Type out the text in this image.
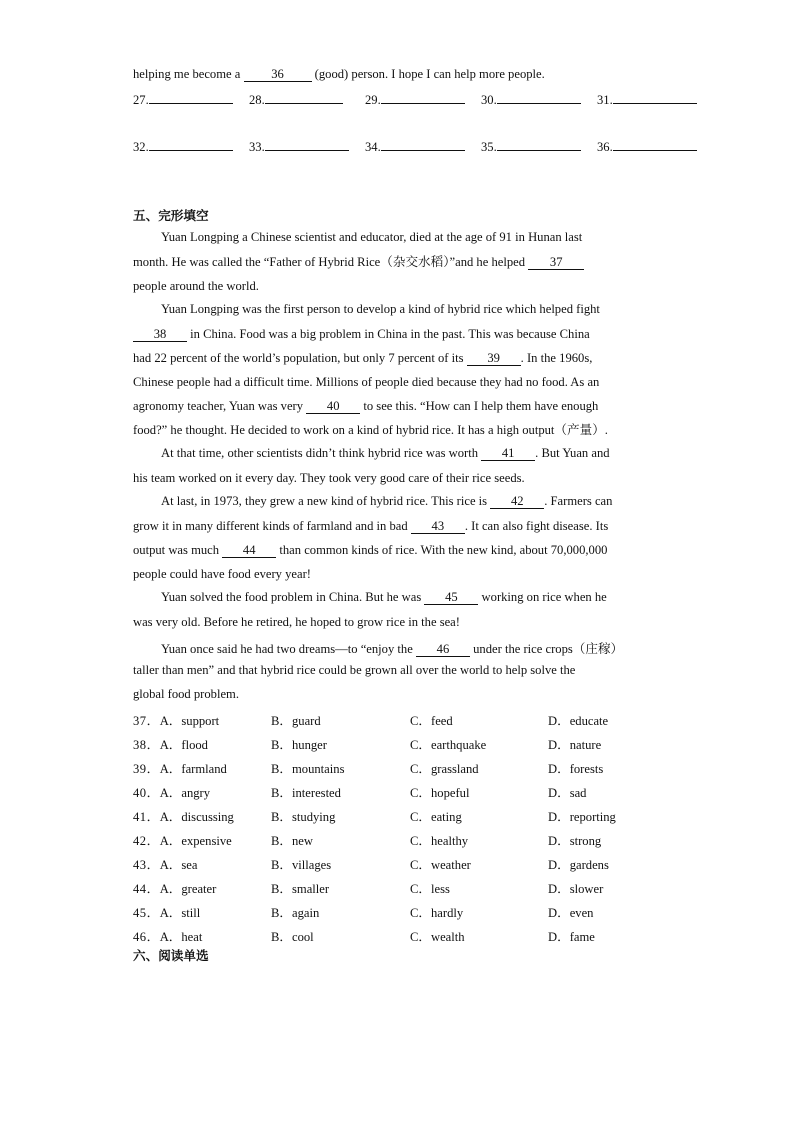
helping me become a 36 (good) person. I hope I can help more people.
27.	28.	29.	30.	31.
32.	33.	34.	35.	36.
五、完形填空
Yuan Longping a Chinese scientist and educator, died at the age of 91 in Hunan last
month. He was called the “Father of Hybrid Rice（杂交水稻）”and he helped 37
people around the world.
Yuan Longping was the first person to develop a kind of hybrid rice which helped fight
38 in China. Food was a big problem in China in the past. This was because China
had 22 percent of the world’s population, but only 7 percent of its 39 . In the 1960s,
Chinese people had a difficult time. Millions of people died because they had no food. As an
agronomy teacher, Yuan was very 40 to see this. “How can I help them have enough
food?” he thought. He decided to work on a kind of hybrid rice. It has a high output（产量）.
At that time, other scientists didn’t think hybrid rice was worth 41 . But Yuan and
his team worked on it every day. They took very good care of their rice seeds.
At last, in 1973, they grew a new kind of hybrid rice. This rice is 42 . Farmers can
grow it in many different kinds of farmland and in bad 43 . It can also fight disease. Its
output was much 44 than common kinds of rice. With the new kind, about 70,000,000
people could have food every year!
Yuan solved the food problem in China. But he was 45 working on rice when he
was very old. Before he retired, he hoped to grow rice in the sea!
Yuan once said he had two dreams—to “enjoy the 46 under the rice crops（庄稼）
taller than men” and that hybrid rice could be grown all over the world to help solve the
global food problem.
37．A．support	B．guard	C．feed	D．educate
38．A．flood	B．hunger	C．earthquake	D．nature
39．A．farmland	B．mountains	C．grassland	D．forests
40．A．angry	B．interested	C．hopeful	D．sad
41．A．discussing	B．studying	C．eating	D．reporting
42．A．expensive	B．new	C．healthy	D．strong
43．A．sea	B．villages	C．weather	D．gardens
44．A．greater	B．smaller	C．less	D．slower
45．A．still	B．again	C．hardly	D．even
46．A．heat	B．cool	C．wealth	D．fame
六、阅读单选
